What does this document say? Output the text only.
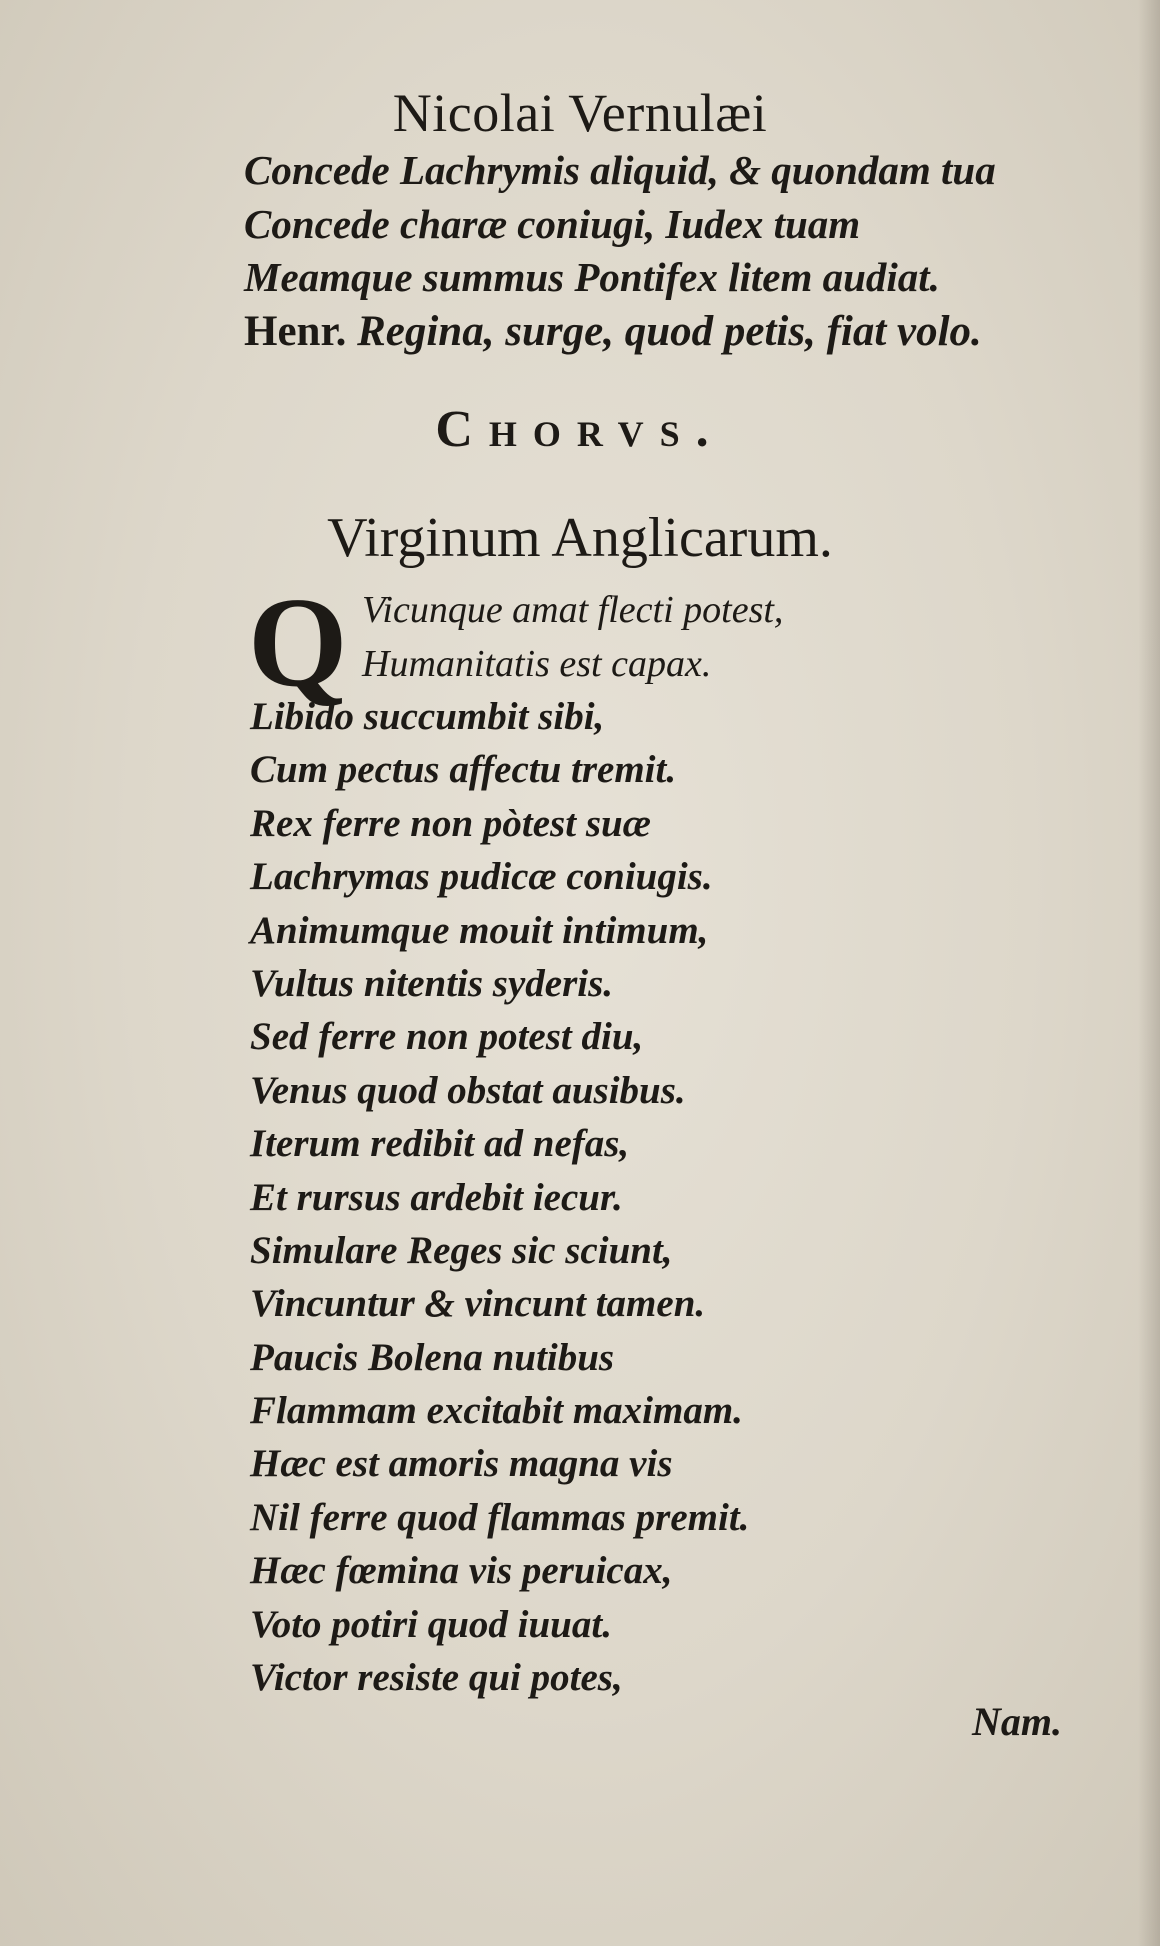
Nicolai Vernulæi
Concede Lachrymis aliquid, & quondam tua
Concede charæ coniugi, Iudex tuam
Meamque summus Pontifex litem audiat.
Henr. Regina, surge, quod petis, fiat volo.
Chorvs.
Virginum Anglicarum.
Q Vicunque amat flecti potest,
Humanitatis est capax.
Libido succumbit sibi,
Cum pectus affectu tremit.
Rex ferre non pòtest suæ
Lachrymas pudicæ coniugis.
Animumque mouit intimum,
Vultus nitentis syderis.
Sed ferre non potest diu,
Venus quod obstat ausibus.
Iterum redibit ad nefas,
Et rursus ardebit iecur.
Simulare Reges sic sciunt,
Vincuntur & vincunt tamen.
Paucis Bolena nutibus
Flammam excitabit maximam.
Hæc est amoris magna vis
Nil ferre quod flammas premit.
Hæc fœmina vis peruicax,
Voto potiri quod iuuat.
Victor resiste qui potes,
Nam.
